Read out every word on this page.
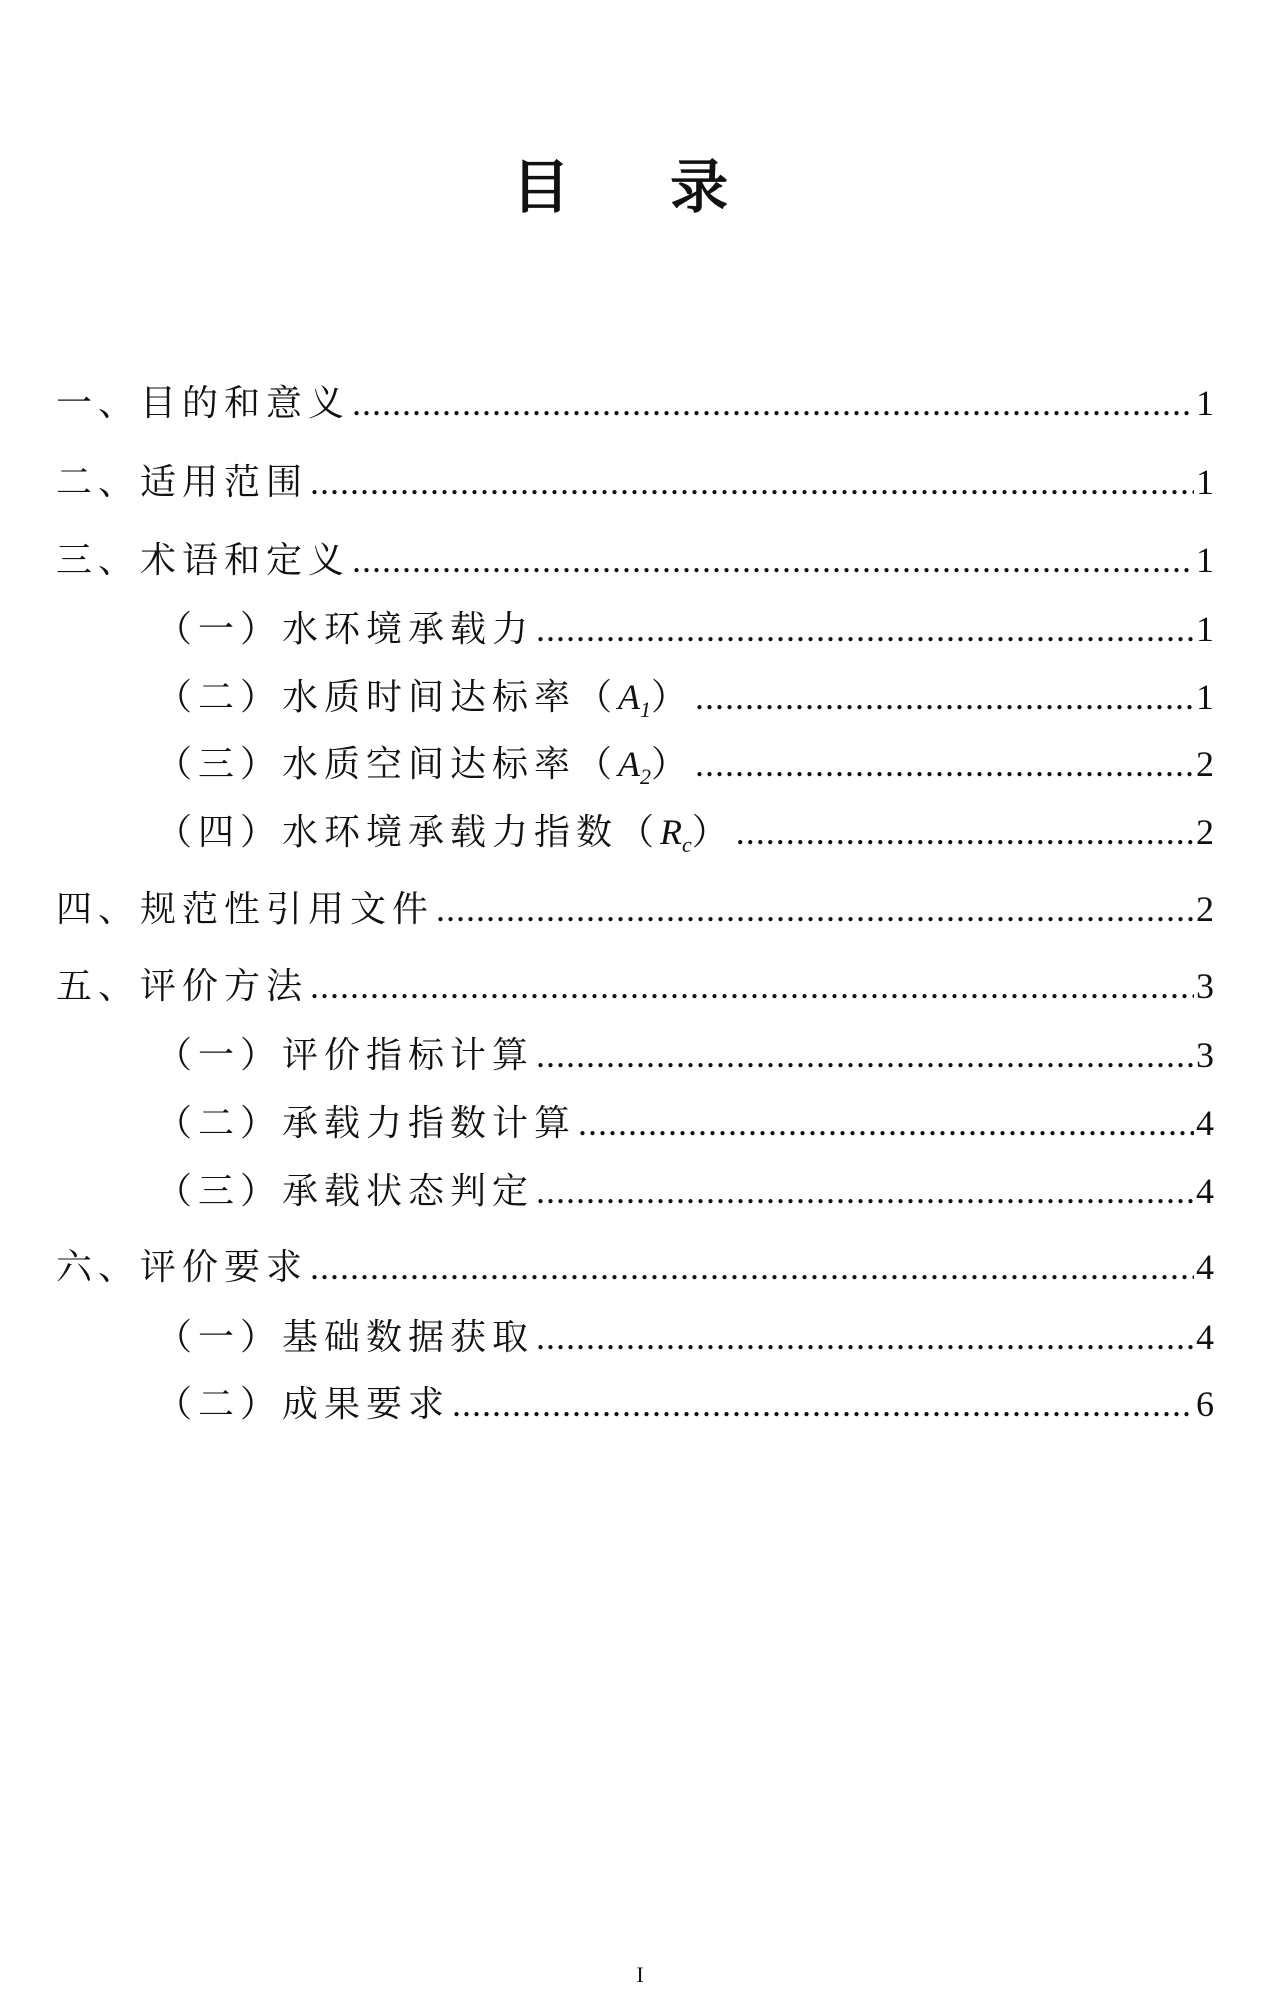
目 录
一、目的和意义 .....	1
二、适用范围 .....	1
三、术语和定义 .....	1
（一）水环境承载力 .....	1
（二）水质时间达标率$(A_1)$ .....	1
（三）水质空间达标率$(A_2)$ .....	2
（四）水环境承载力指数$(R_c)$ .....	2
四、规范性引用文件 .....	2
五、评价方法 .....	3
（一）评价指标计算 .....	3
（二）承载力指数计算 .....	4
（三）承载状态判定 .....	4
六、评价要求 .....	4
（一）基础数据获取 .....	4
（二）成果要求 .....	6
I
